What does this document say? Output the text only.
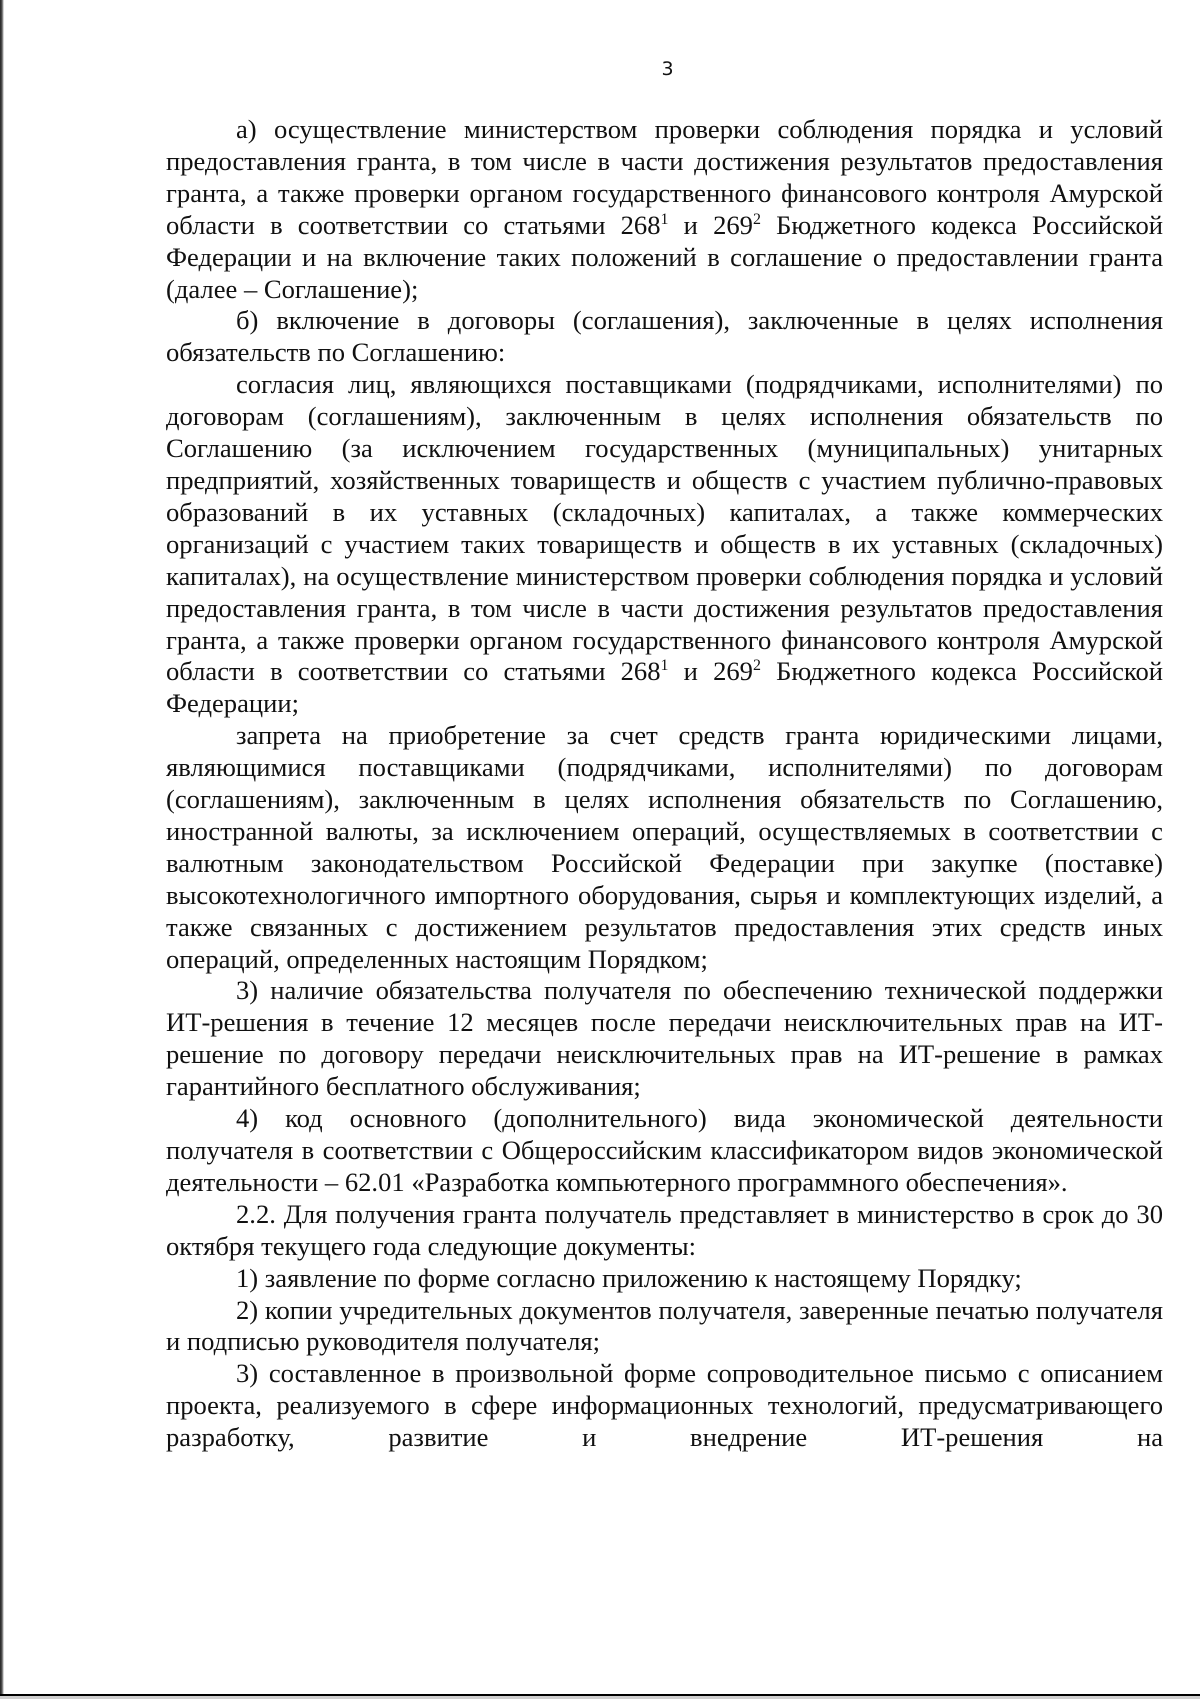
3

а) осуществление министерством проверки соблюдения порядка и условий предоставления гранта, в том числе в части достижения результатов предоставления гранта, а также проверки органом государственного финансового контроля Амурской области в соответствии со статьями $268^1$ и $269^2$ Бюджетного кодекса Российской Федерации и на включение таких положений в соглашение о предоставлении гранта (далее – Соглашение);

б) включение в договоры (соглашения), заключенные в целях исполнения обязательств по Соглашению:

согласия лиц, являющихся поставщиками (подрядчиками, исполнителями) по договорам (соглашениям), заключенным в целях исполнения обязательств по Соглашению (за исключением государственных (муниципальных) унитарных предприятий, хозяйственных товариществ и обществ с участием публично-правовых образований в их уставных (складочных) капиталах, а также коммерческих организаций с участием таких товариществ и обществ в их уставных (складочных) капиталах), на осуществление министерством проверки соблюдения порядка и условий предоставления гранта, в том числе в части достижения результатов предоставления гранта, а также проверки органом государственного финансового контроля Амурской области в соответствии со статьями $268^1$ и $269^2$ Бюджетного кодекса Российской Федерации;

запрета на приобретение за счет средств гранта юридическими лицами, являющимися поставщиками (подрядчиками, исполнителями) по договорам (соглашениям), заключенным в целях исполнения обязательств по Соглашению, иностранной валюты, за исключением операций, осуществляемых в соответствии с валютным законодательством Российской Федерации при закупке (поставке) высокотехнологичного импортного оборудования, сырья и комплектующих изделий, а также связанных с достижением результатов предоставления этих средств иных операций, определенных настоящим Порядком;

3) наличие обязательства получателя по обеспечению технической поддержки ИТ-решения в течение 12 месяцев после передачи неисключительных прав на ИТ-решение по договору передачи неисключительных прав на ИТ-решение в рамках гарантийного бесплатного обслуживания;

4) код основного (дополнительного) вида экономической деятельности получателя в соответствии с Общероссийским классификатором видов экономической деятельности – 62.01 «Разработка компьютерного программного обеспечения».

2.2. Для получения гранта получатель представляет в министерство в срок до 30 октября текущего года следующие документы:

1) заявление по форме согласно приложению к настоящему Порядку;

2) копии учредительных документов получателя, заверенные печатью получателя и подписью руководителя получателя;

3) составленное в произвольной форме сопроводительное письмо с описанием проекта, реализуемого в сфере информационных технологий, предусматривающего разработку, развитие и внедрение ИТ-решения на
